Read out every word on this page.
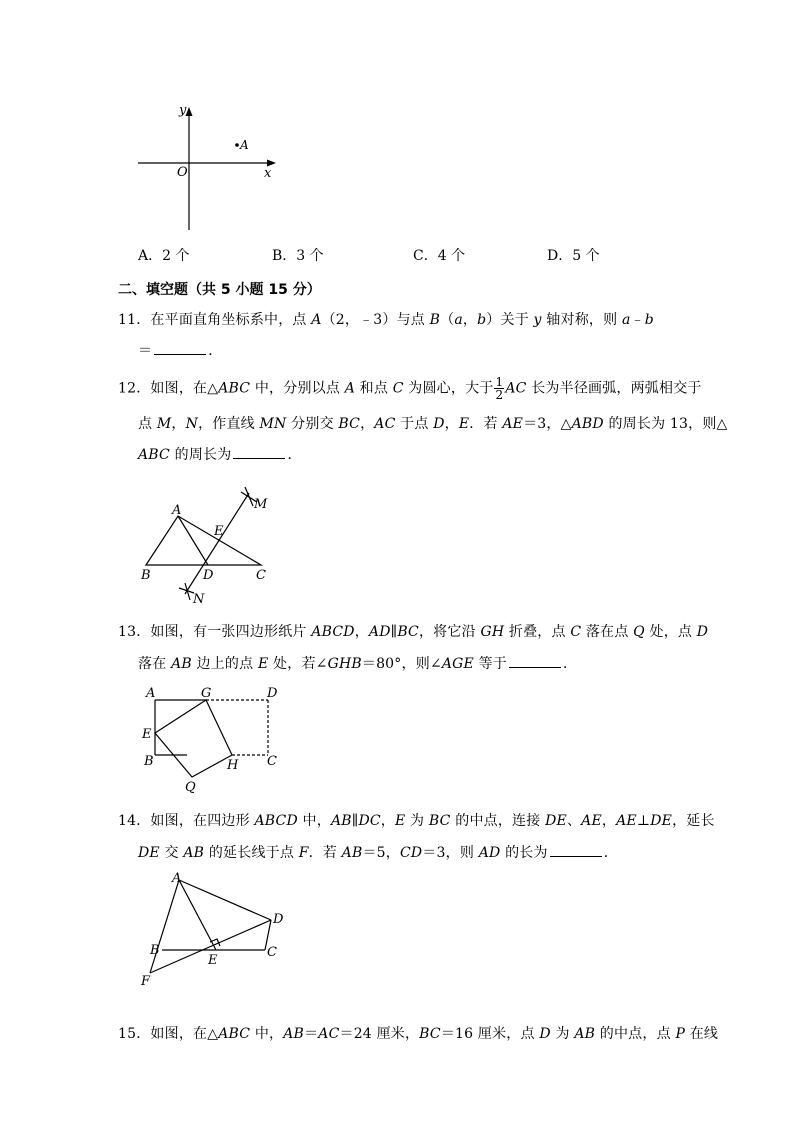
y
x
O
A
A．2 个	B．3 个	C．4 个	D．5 个
二、填空题（共 5 小题 15 分）
11．在平面直角坐标系中，点 A（2，﹣3）与点 B（a，b）关于 y 轴对称，则 a﹣b
＝	．
12．如图，在△ABC 中，分别以点 A 和点 C 为圆心，大于 $\frac{1}{2}$ AC 长为半径画弧，两弧相交于
点 M，N，作直线 MN 分别交 BC，AC 于点 D，E．若 AE＝3，△ABD 的周长为 13，则△
ABC 的周长为	．
A
B	C
D
E
M
N
13．如图，有一张四边形纸片 ABCD，AD∥BC，将它沿 GH 折叠，点 C 落在点 Q 处，点 D
落在 AB 边上的点 E 处，若∠GHB＝80°，则∠AGE 等于	．
A	G	D
E
B	H C
Q
14．如图，在四边形 ABCD 中，AB∥DC，E 为 BC 的中点，连接 DE、AE，AE⊥DE，延长
DE 交 AB 的延长线于点 F．若 AB＝5，CD＝3，则 AD 的长为	．
A
B	C
D
E
F
15．如图，在△ABC 中，AB＝AC＝24 厘米，BC＝16 厘米，点 D 为 AB 的中点，点 P 在线
